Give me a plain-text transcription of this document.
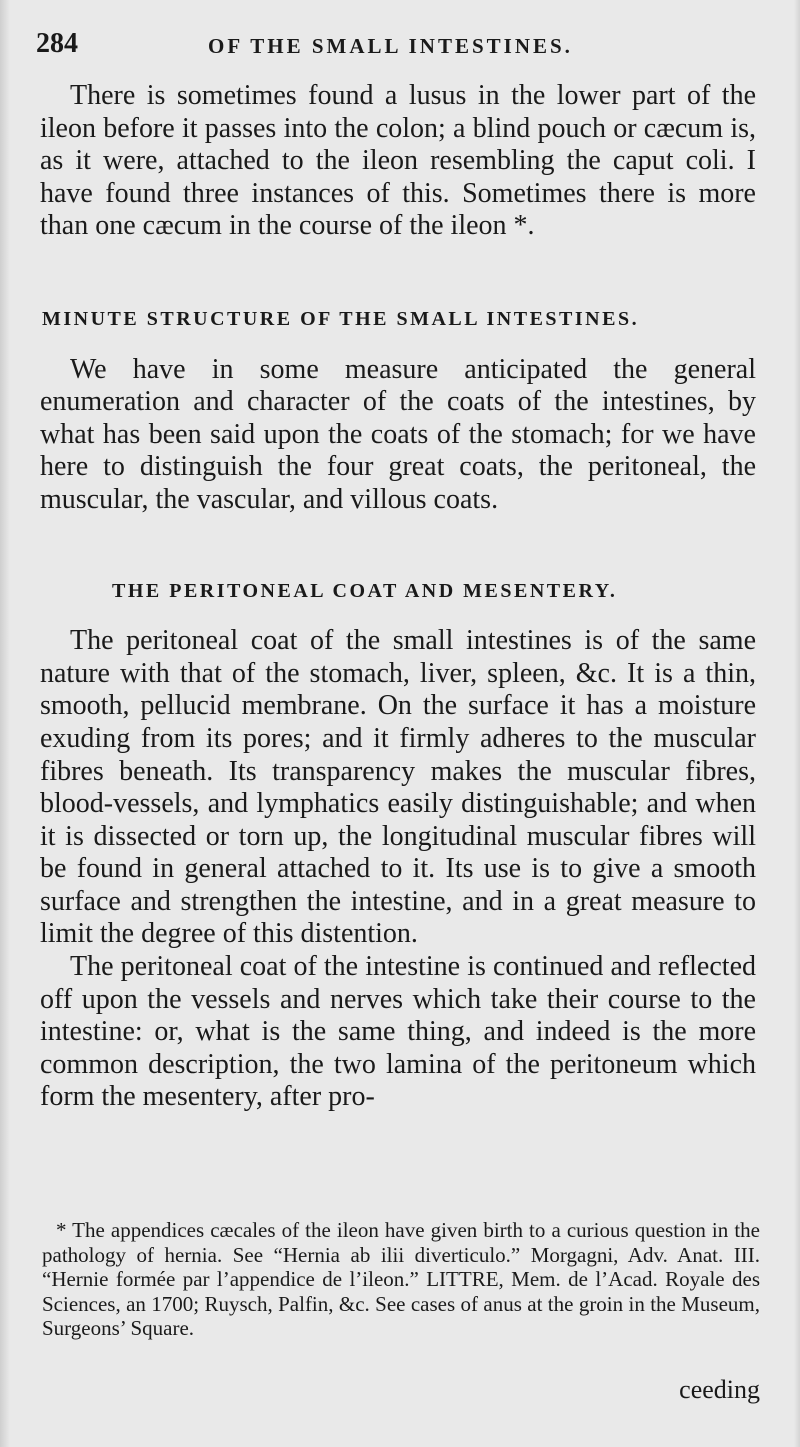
284	OF THE SMALL INTESTINES.

There is sometimes found a lusus in the lower part of the ileon before it passes into the colon; a blind pouch or cæcum is, as it were, attached to the ileon resembling the caput coli. I have found three instances of this. Sometimes there is more than one cæcum in the course of the ileon *.

MINUTE STRUCTURE OF THE SMALL INTESTINES.

We have in some measure anticipated the general enumeration and character of the coats of the intestines, by what has been said upon the coats of the stomach; for we have here to distinguish the four great coats, the peritoneal, the muscular, the vascular, and villous coats.

THE PERITONEAL COAT AND MESENTERY.

The peritoneal coat of the small intestines is of the same nature with that of the stomach, liver, spleen, &c. It is a thin, smooth, pellucid membrane. On the surface it has a moisture exuding from its pores; and it firmly adheres to the muscular fibres beneath. Its transparency makes the muscular fibres, blood-vessels, and lymphatics easily distinguishable; and when it is dissected or torn up, the longitudinal muscular fibres will be found in general attached to it. Its use is to give a smooth surface and strengthen the intestine, and in a great measure to limit the degree of this distention.

The peritoneal coat of the intestine is continued and reflected off upon the vessels and nerves which take their course to the intestine: or, what is the same thing, and indeed is the more common description, the two lamina of the peritoneum which form the mesentery, after pro-

* The appendices cæcales of the ileon have given birth to a curious question in the pathology of hernia. See “Hernia ab ilii diverticulo.” Morgagni, Adv. Anat. III. “Hernie formée par l’appendice de l’ileon.” LITTRE, Mem. de l’Acad. Royale des Sciences, an 1700; Ruysch, Palfin, &c. See cases of anus at the groin in the Museum, Surgeons’ Square.

ceeding
